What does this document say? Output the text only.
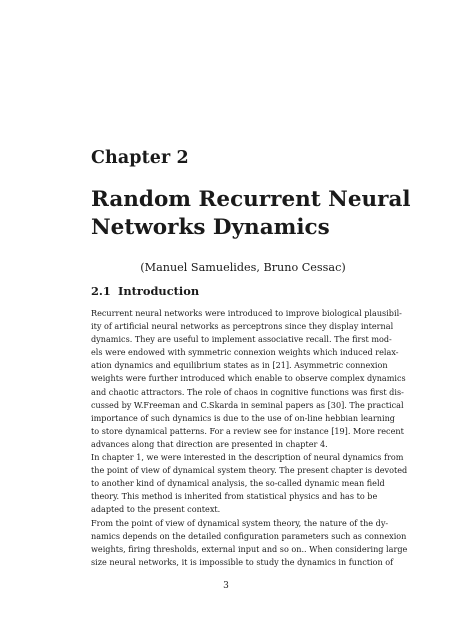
Chapter 2
Random Recurrent Neural
Networks Dynamics
(Manuel Samuelides, Bruno Cessac)
2.1 Introduction
Recurrent neural networks were introduced to improve biological plausibil-
ity of artificial neural networks as perceptrons since they display internal
dynamics. They are useful to implement associative recall. The first mod-
els were endowed with symmetric connexion weights which induced relax-
ation dynamics and equilibrium states as in [21]. Asymmetric connexion
weights were further introduced which enable to observe complex dynamics
and chaotic attractors. The role of chaos in cognitive functions was first dis-
cussed by W.Freeman and C.Skarda in seminal papers as [30]. The practical
importance of such dynamics is due to the use of on-line hebbian learning
to store dynamical patterns. For a review see for instance [19]. More recent
advances along that direction are presented in chapter 4.
In chapter 1, we were interested in the description of neural dynamics from
the point of view of dynamical system theory. The present chapter is devoted
to another kind of dynamical analysis, the so-called dynamic mean field
theory. This method is inherited from statistical physics and has to be
adapted to the present context.
From the point of view of dynamical system theory, the nature of the dy-
namics depends on the detailed configuration parameters such as connexion
weights, firing thresholds, external input and so on.. When considering large
size neural networks, it is impossible to study the dynamics in function of
3
